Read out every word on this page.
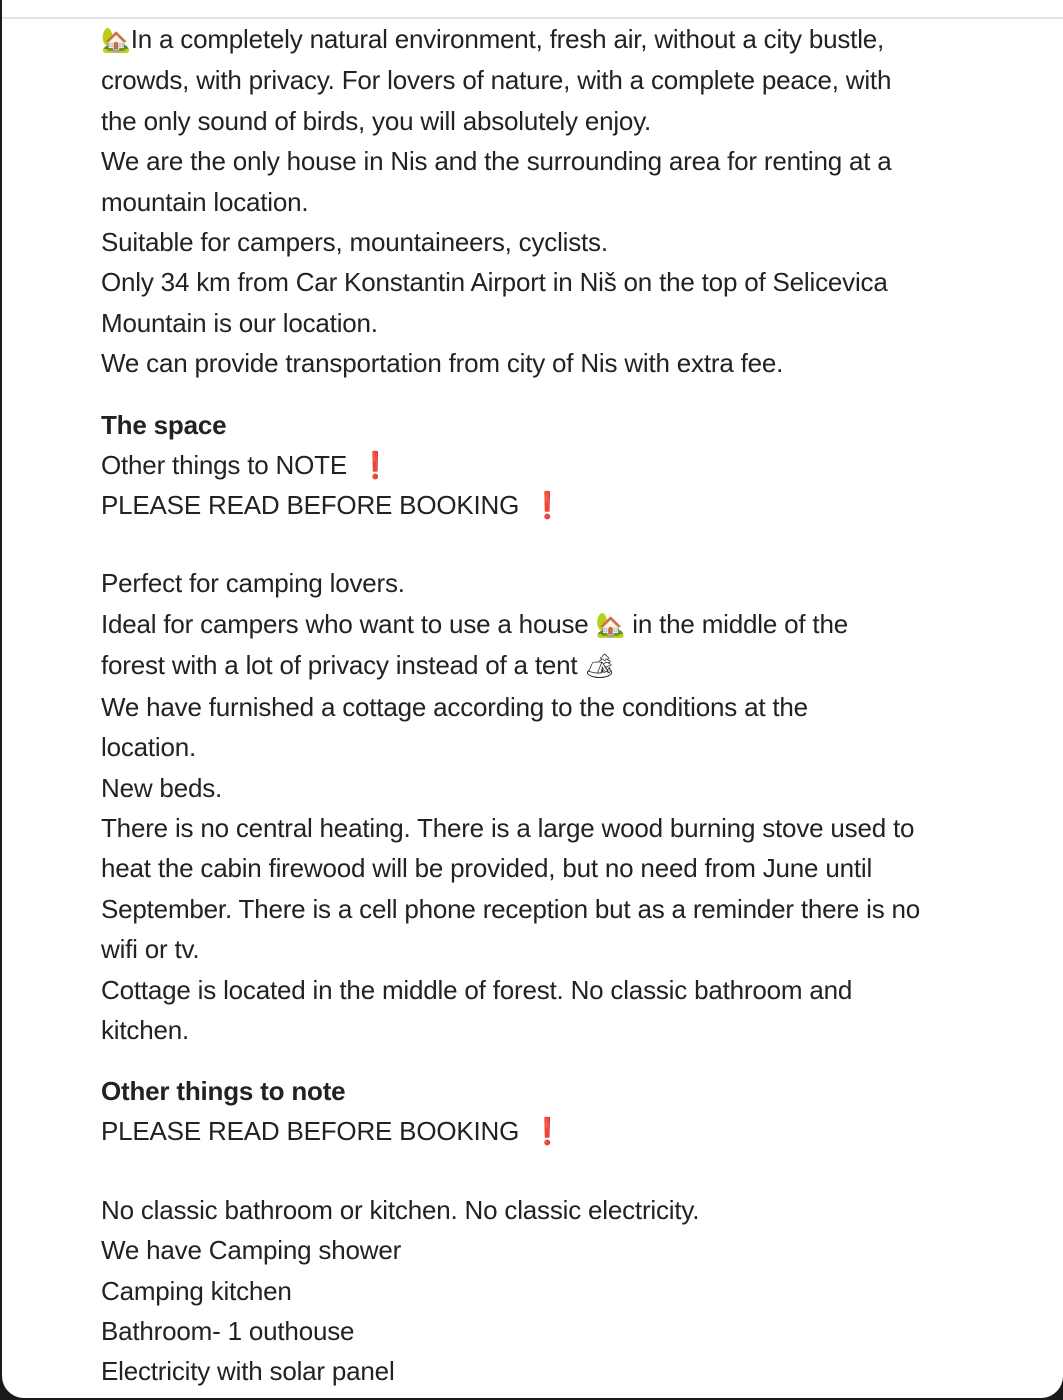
🏡In a completely natural environment, fresh air, without a city bustle,
crowds, with privacy. For lovers of nature, with a complete peace, with
the only sound of birds, you will absolutely enjoy.
We are the only house in Nis and the surrounding area for renting at a
mountain location.
Suitable for campers, mountaineers, cyclists.
Only 34 km from Car Konstantin Airport in Niš on the top of Selicevica
Mountain is our location.
We can provide transportation from city of Nis with extra fee.
The space
Other things to NOTE ❗
PLEASE READ BEFORE BOOKING ❗
Perfect for camping lovers.
Ideal for campers who want to use a house 🏡 in the middle of the
forest with a lot of privacy instead of a tent 🏕
We have furnished a cottage according to the conditions at the
location.
New beds.
There is no central heating. There is a large wood burning stove used to
heat the cabin firewood will be provided, but no need from June until
September. There is a cell phone reception but as a reminder there is no
wifi or tv.
Cottage is located in the middle of forest. No classic bathroom and
kitchen.
Other things to note
PLEASE READ BEFORE BOOKING ❗
No classic bathroom or kitchen. No classic electricity.
We have Camping shower
Camping kitchen
Bathroom- 1 outhouse
Electricity with solar panel
